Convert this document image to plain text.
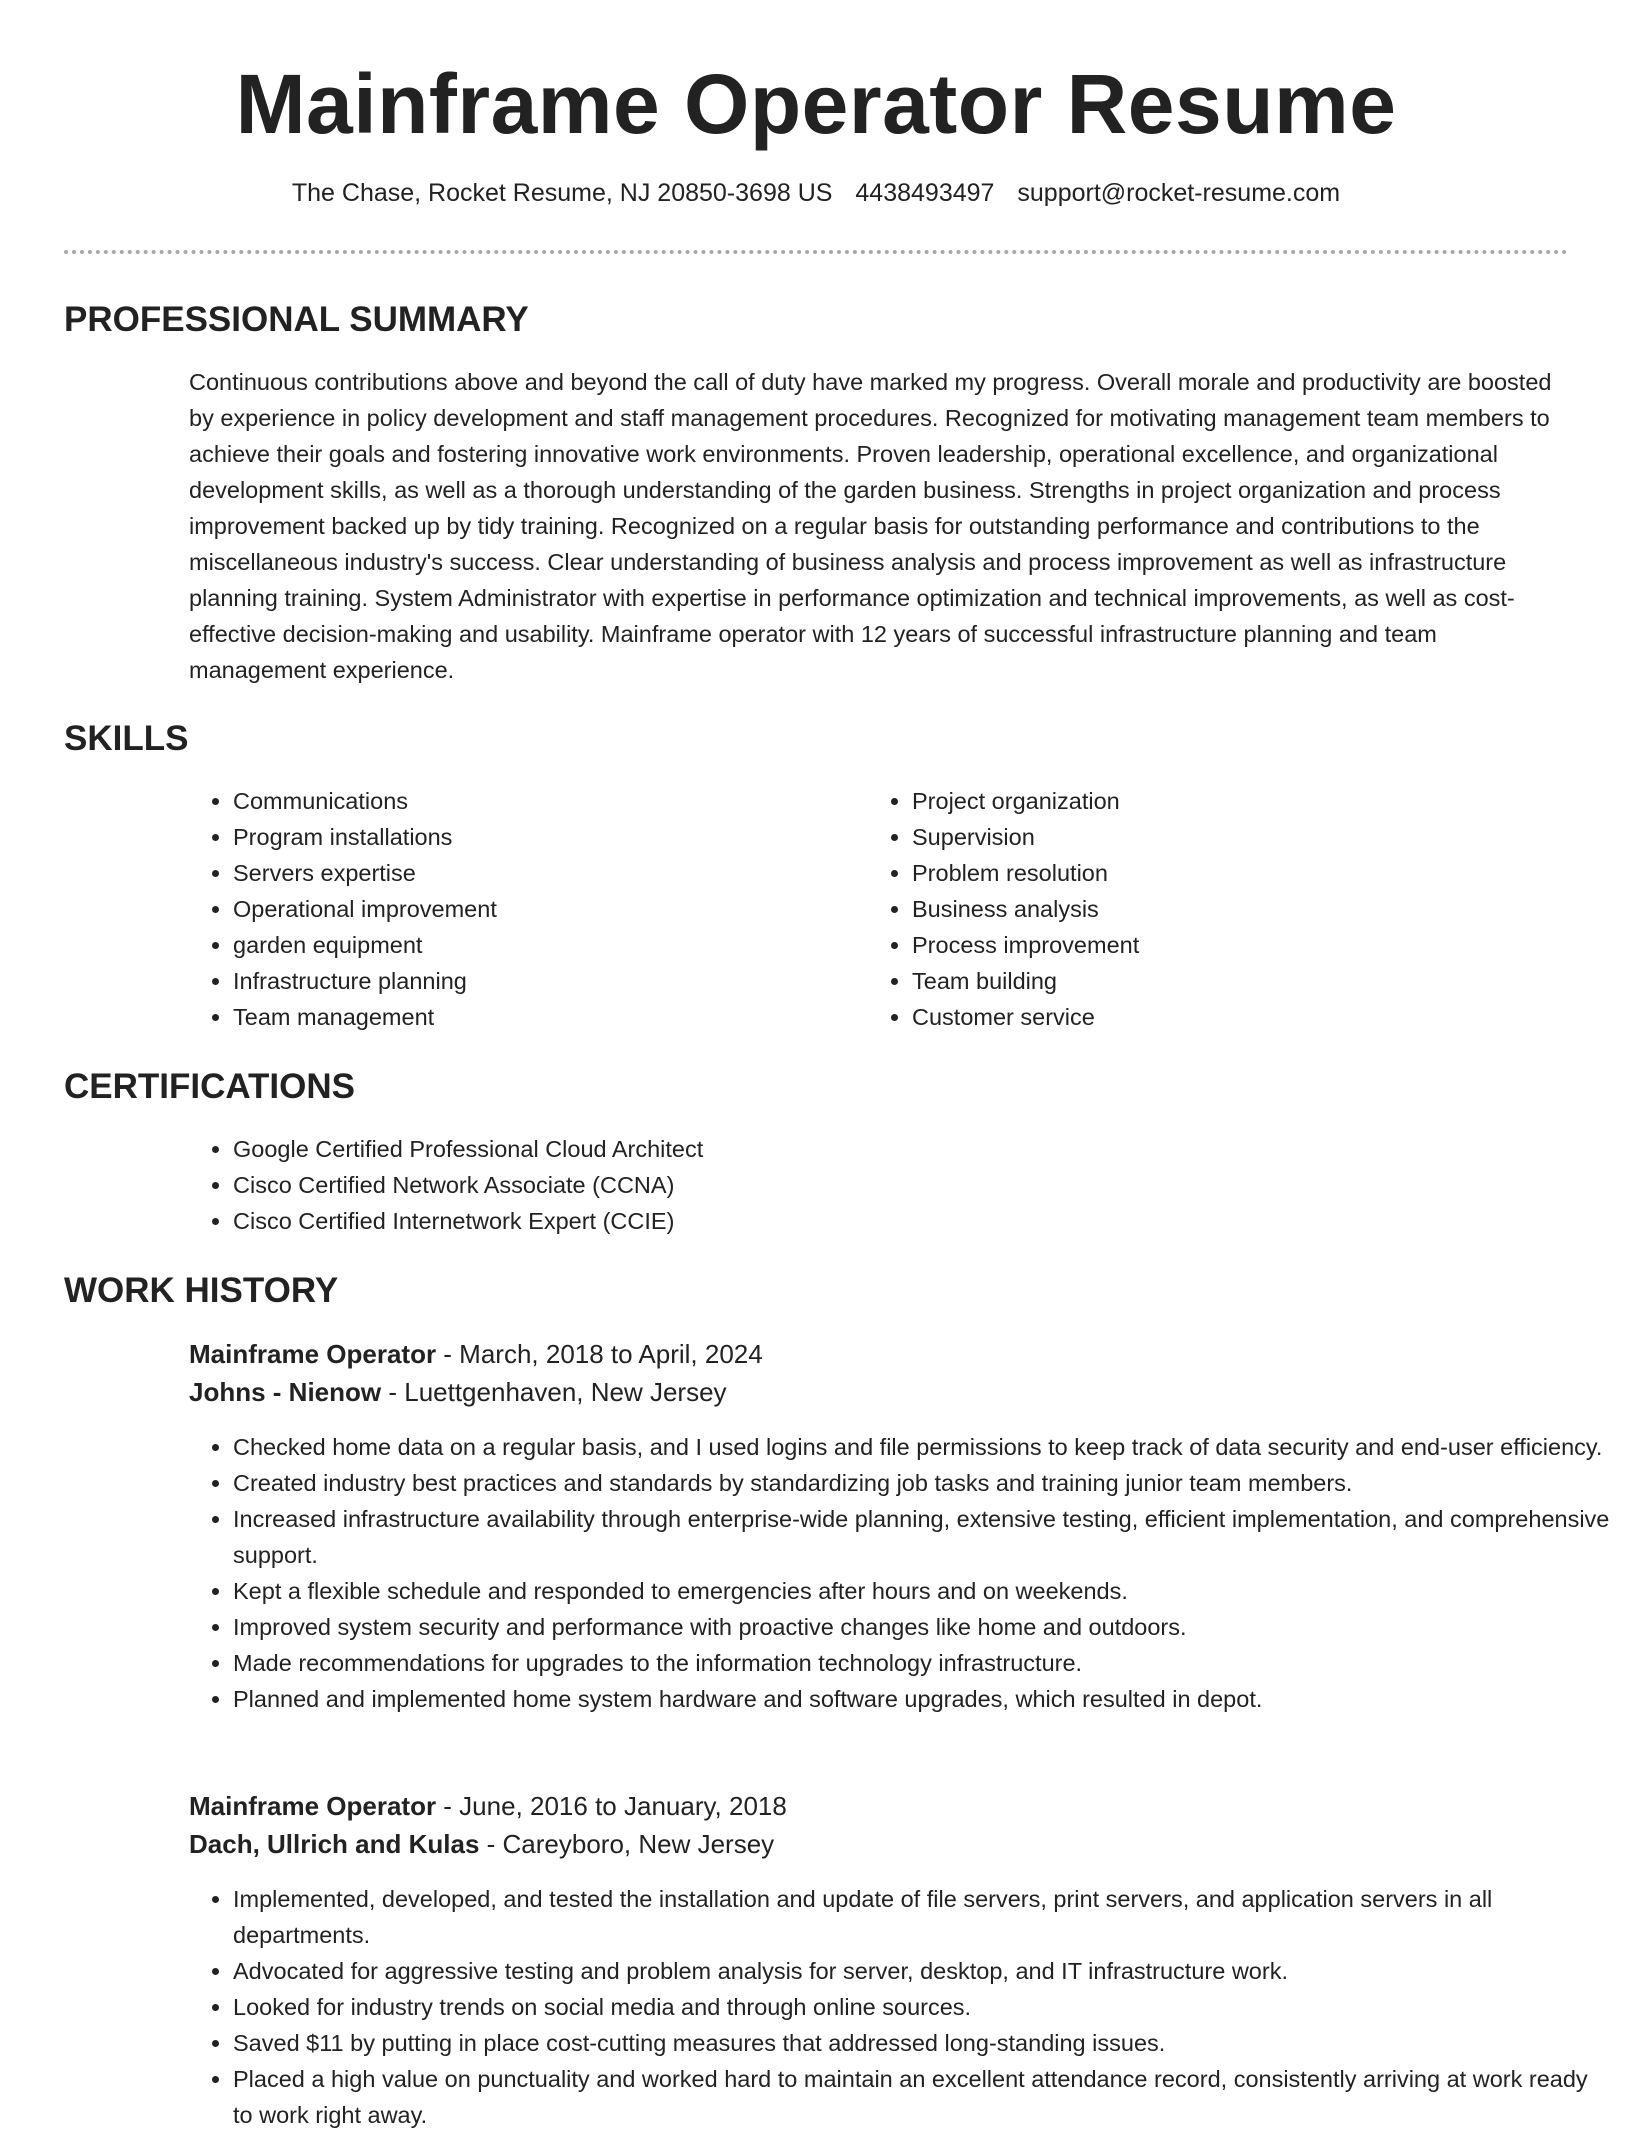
Mainframe Operator Resume
The Chase, Rocket Resume, NJ 20850-3698 US 4438493497 support@rocket-resume.com
PROFESSIONAL SUMMARY

Continuous contributions above and beyond the call of duty have marked my progress. Overall morale and productivity are boosted by experience in policy development and staff management procedures. Recognized for motivating management team members to achieve their goals and fostering innovative work environments. Proven leadership, operational excellence, and organizational development skills, as well as a thorough understanding of the garden business. Strengths in project organization and process improvement backed up by tidy training. Recognized on a regular basis for outstanding performance and contributions to the miscellaneous industry's success. Clear understanding of business analysis and process improvement as well as infrastructure planning training. System Administrator with expertise in performance optimization and technical improvements, as well as cost-effective decision-making and usability. Mainframe operator with 12 years of successful infrastructure planning and team management experience.

SKILLS
• Communications
• Program installations
• Servers expertise
• Operational improvement
• garden equipment
• Infrastructure planning
• Team management
• Project organization
• Supervision
• Problem resolution
• Business analysis
• Process improvement
• Team building
• Customer service
CERTIFICATIONS
• Google Certified Professional Cloud Architect
• Cisco Certified Network Associate (CCNA)
• Cisco Certified Internetwork Expert (CCIE)
WORK HISTORY
Mainframe Operator - March, 2018 to April, 2024
Johns - Nienow - Luettgenhaven, New Jersey
• Checked home data on a regular basis, and I used logins and file permissions to keep track of data security and end-user efficiency.
• Created industry best practices and standards by standardizing job tasks and training junior team members.
• Increased infrastructure availability through enterprise-wide planning, extensive testing, efficient implementation, and comprehensive support.
• Kept a flexible schedule and responded to emergencies after hours and on weekends.
• Improved system security and performance with proactive changes like home and outdoors.
• Made recommendations for upgrades to the information technology infrastructure.
• Planned and implemented home system hardware and software upgrades, which resulted in depot.
Mainframe Operator - June, 2016 to January, 2018
Dach, Ullrich and Kulas - Careyboro, New Jersey
• Implemented, developed, and tested the installation and update of file servers, print servers, and application servers in all departments.
• Advocated for aggressive testing and problem analysis for server, desktop, and IT infrastructure work.
• Looked for industry trends on social media and through online sources.
• Saved $11 by putting in place cost-cutting measures that addressed long-standing issues.
• Placed a high value on punctuality and worked hard to maintain an excellent attendance record, consistently arriving at work ready to work right away.
